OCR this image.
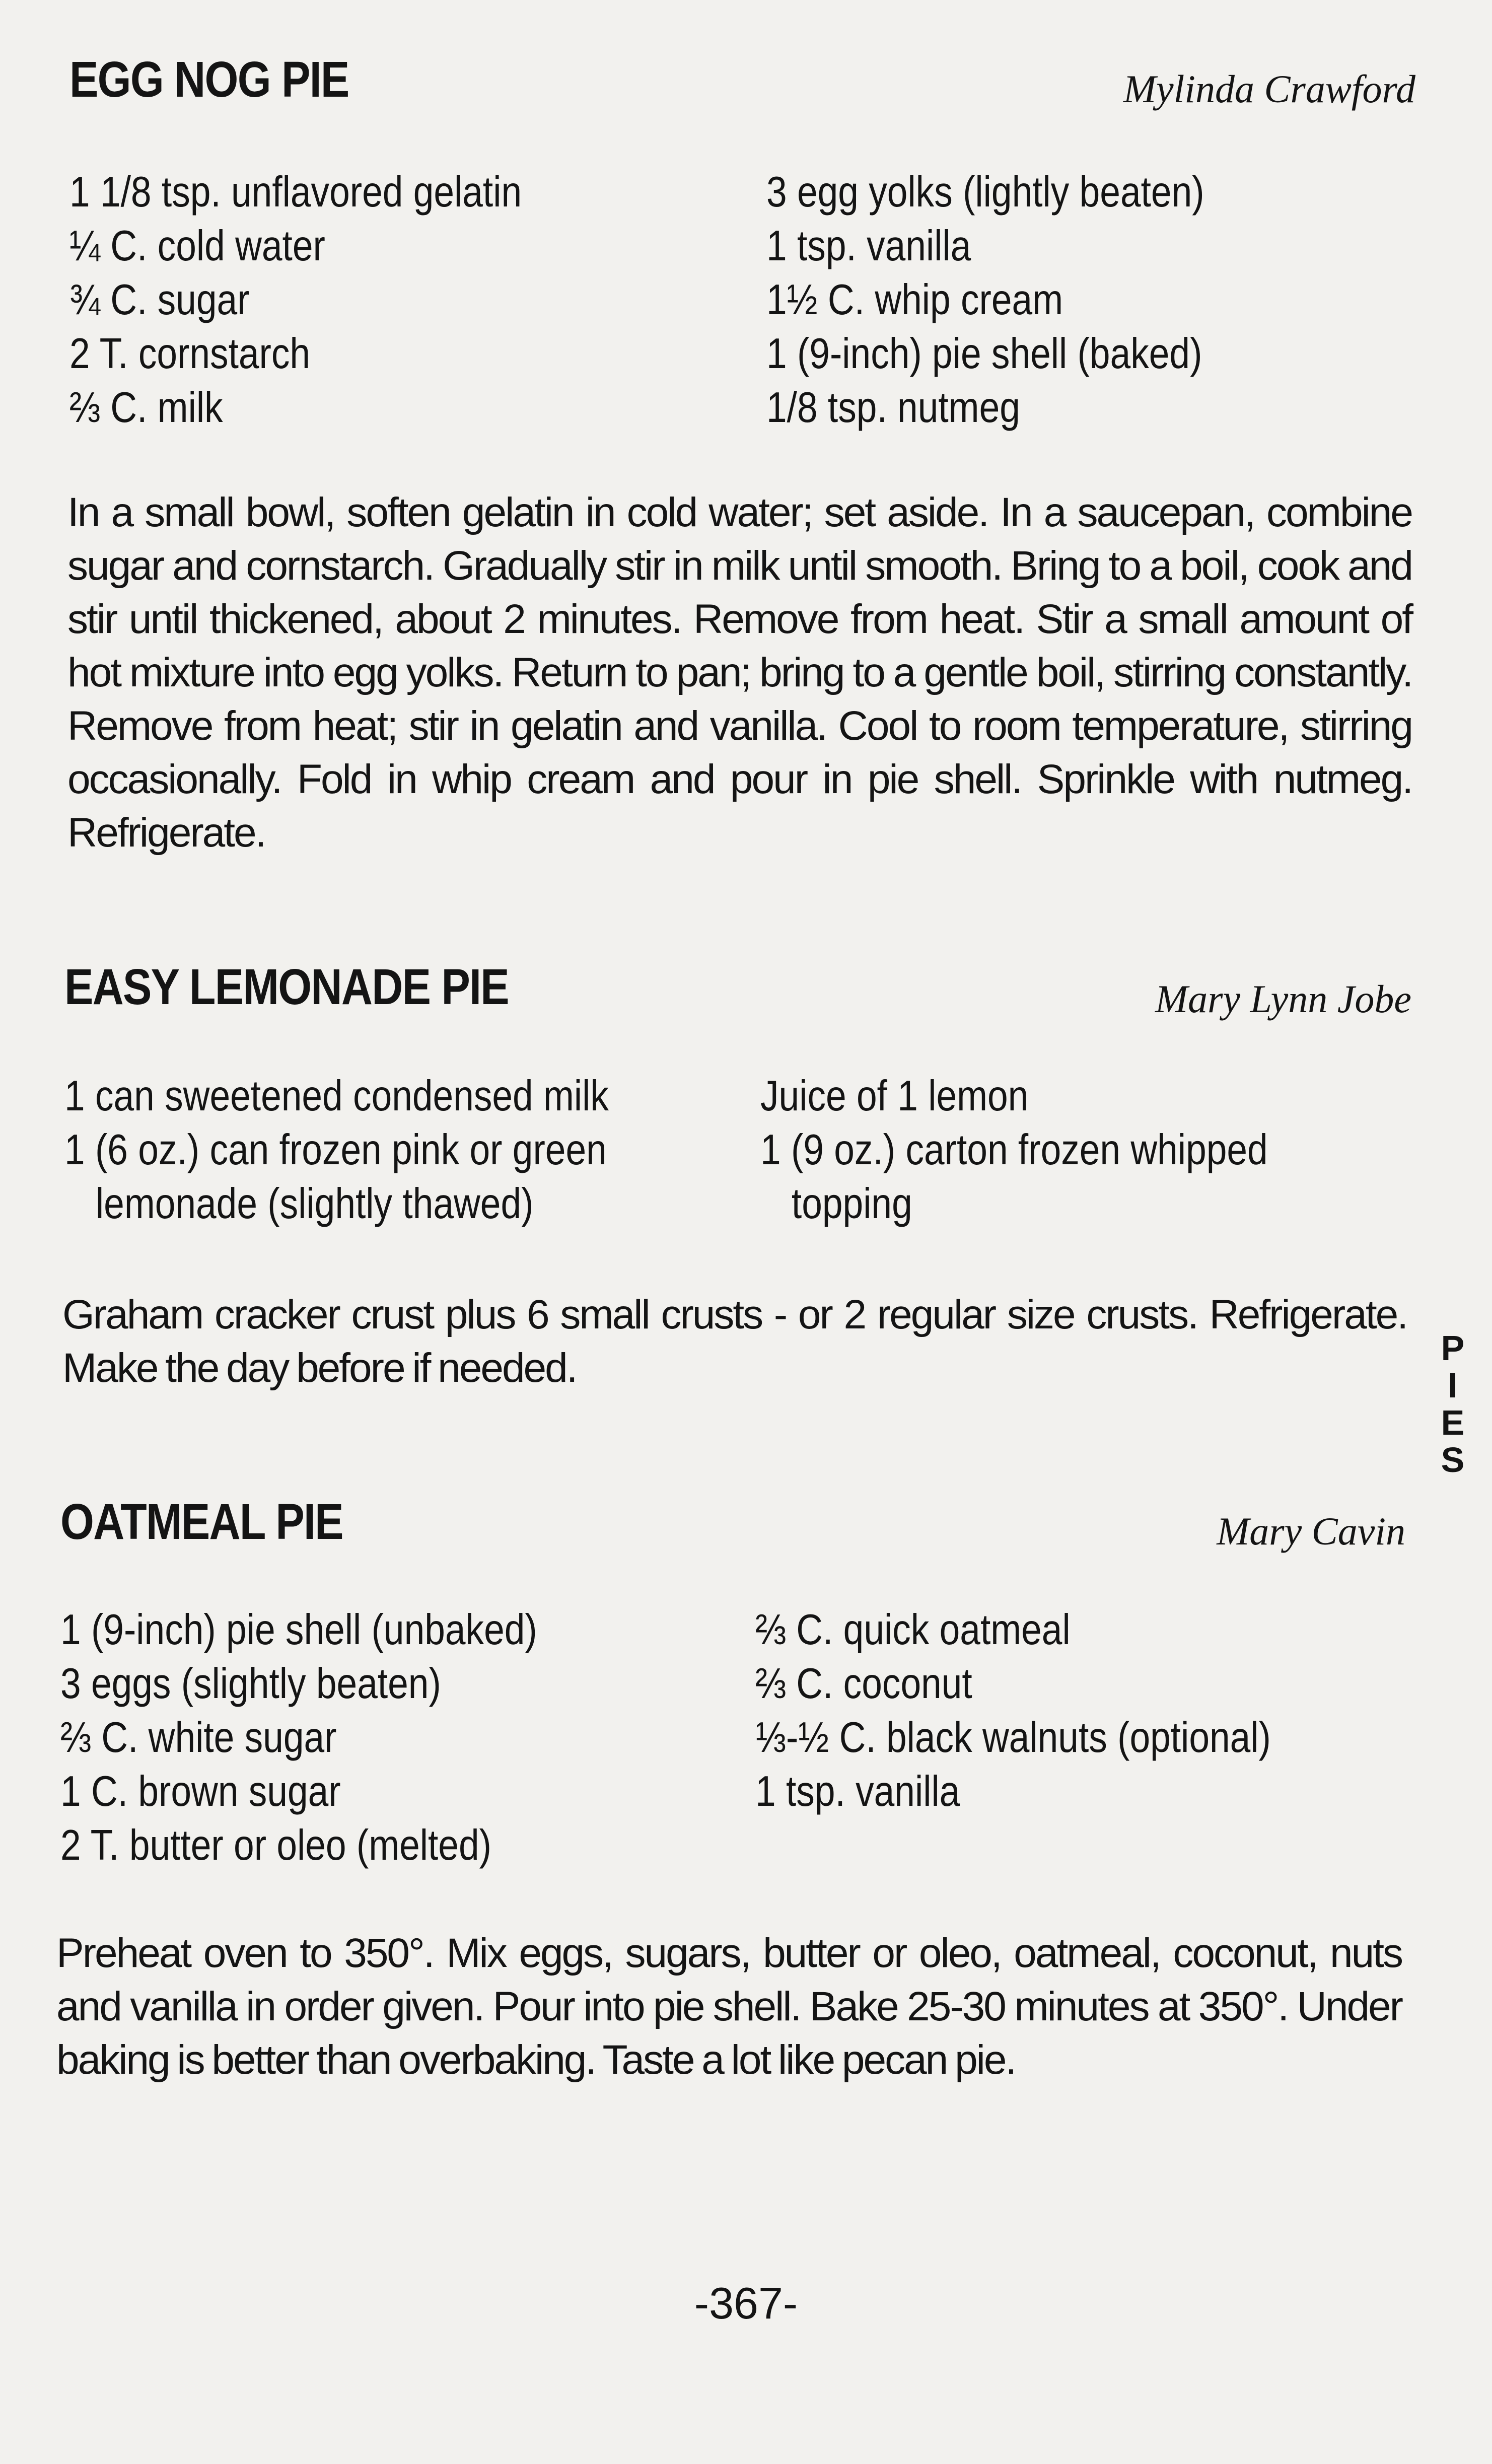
EGG NOG PIE	Mylinda Crawford

1 1/8 tsp. unflavored gelatin
¼ C. cold water
¾ C. sugar
2 T. cornstarch
⅔ C. milk
3 egg yolks (lightly beaten)
1 tsp. vanilla
1½ C. whip cream
1 (9-inch) pie shell (baked)
1/8 tsp. nutmeg

In a small bowl, soften gelatin in cold water; set aside. In a saucepan, combine sugar and cornstarch. Gradually stir in milk until smooth. Bring to a boil, cook and stir until thickened, about 2 minutes. Remove from heat. Stir a small amount of hot mixture into egg yolks. Return to pan; bring to a gentle boil, stirring constantly. Remove from heat; stir in gelatin and vanilla. Cool to room temperature, stirring occasionally. Fold in whip cream and pour in pie shell. Sprinkle with nutmeg. Refrigerate.

EASY LEMONADE PIE	Mary Lynn Jobe

1 can sweetened condensed milk
1 (6 oz.) can frozen pink or green lemonade (slightly thawed)
Juice of 1 lemon
1 (9 oz.) carton frozen whipped topping

Graham cracker crust plus 6 small crusts - or 2 regular size crusts. Refrigerate. Make the day before if needed.

OATMEAL PIE	Mary Cavin

1 (9-inch) pie shell (unbaked)
3 eggs (slightly beaten)
⅔ C. white sugar
1 C. brown sugar
2 T. butter or oleo (melted)
⅔ C. quick oatmeal
⅔ C. coconut
⅓-½ C. black walnuts (optional)
1 tsp. vanilla

Preheat oven to 350°. Mix eggs, sugars, butter or oleo, oatmeal, coconut, nuts and vanilla in order given. Pour into pie shell. Bake 25-30 minutes at 350°. Under baking is better than overbaking. Taste a lot like pecan pie.

P
I
E
S
-367-
